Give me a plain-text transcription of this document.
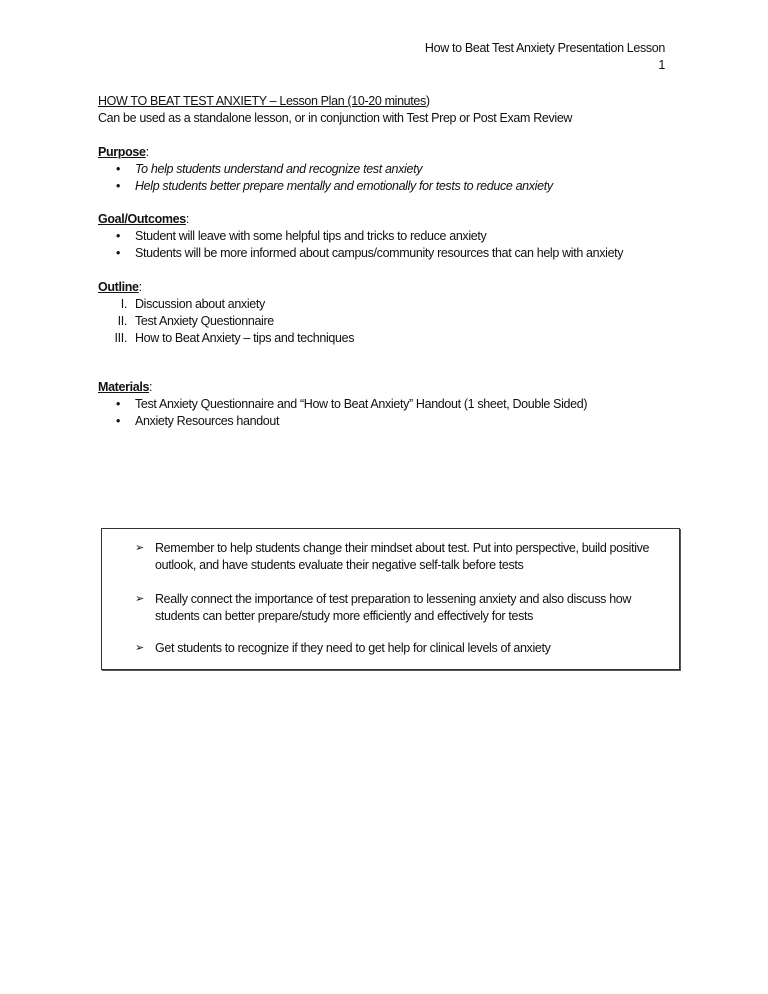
How to Beat Test Anxiety Presentation Lesson
1
HOW TO BEAT TEST ANXIETY – Lesson Plan (10-20 minutes)
Can be used as a standalone lesson, or in conjunction with Test Prep or Post Exam Review
Purpose:
• To help students understand and recognize test anxiety
• Help students better prepare mentally and emotionally for tests to reduce anxiety
Goal/Outcomes:
• Student will leave with some helpful tips and tricks to reduce anxiety
• Students will be more informed about campus/community resources that can help with anxiety
Outline:
I. Discussion about anxiety
II. Test Anxiety Questionnaire
III. How to Beat Anxiety – tips and techniques
Materials:
• Test Anxiety Questionnaire and “How to Beat Anxiety” Handout (1 sheet, Double Sided)
• Anxiety Resources handout
➢ Remember to help students change their mindset about test. Put into perspective, build positive
outlook, and have students evaluate their negative self-talk before tests
➢ Really connect the importance of test preparation to lessening anxiety and also discuss how
students can better prepare/study more efficiently and effectively for tests
➢ Get students to recognize if they need to get help for clinical levels of anxiety
